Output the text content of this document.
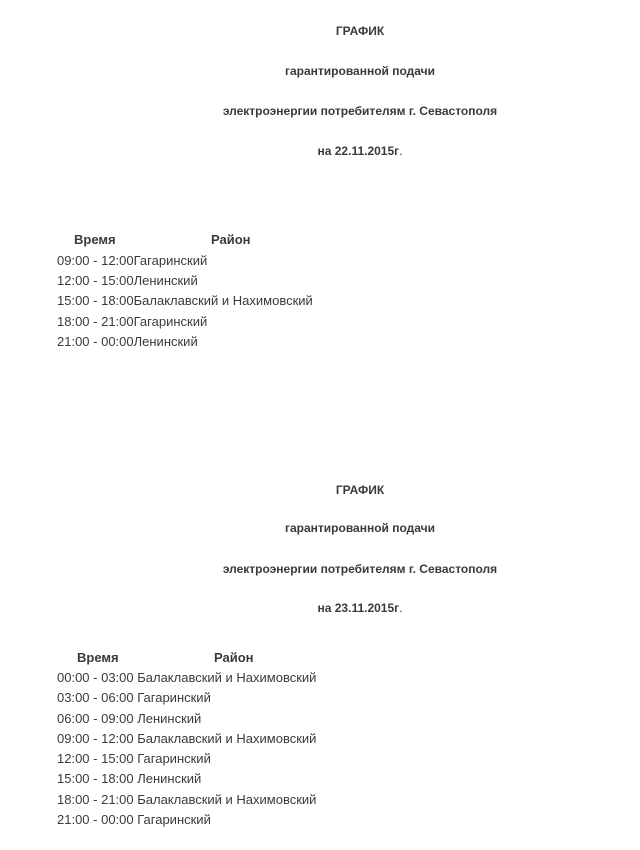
ГРАФИК
гарантированной подачи
электроэнергии потребителям г. Севастополя
на 22.11.2015г.
Время	Район
09:00 - 12:00Гагаринский
12:00 - 15:00Ленинский
15:00 - 18:00Балаклавский и Нахимовский
18:00 - 21:00Гагаринский
21:00 - 00:00Ленинский
ГРАФИК
гарантированной подачи
электроэнергии потребителям г. Севастополя
на 23.11.2015г.
Время	Район
00:00 - 03:00 Балаклавский и Нахимовский
03:00 - 06:00 Гагаринский
06:00 - 09:00 Ленинский
09:00 - 12:00 Балаклавский и Нахимовский
12:00 - 15:00 Гагаринский
15:00 - 18:00 Ленинский
18:00 - 21:00 Балаклавский и Нахимовский
21:00 - 00:00 Гагаринский
